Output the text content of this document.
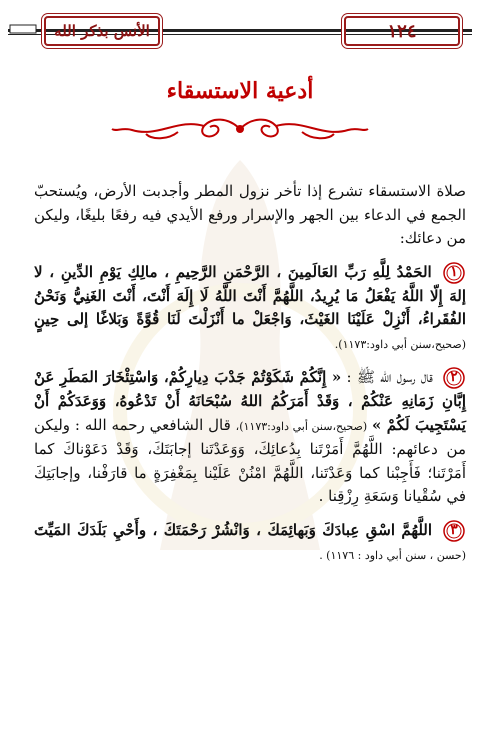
الأنس بذكر الله	١٢٤
أدعية الاستسقاء

صلاة الاستسقاء تشرع إذا تأخر نزول المطر وأجدبت الأرض، ويُستحبّ الجمع في الدعاء بين الجهر والإسرار ورفع الأيدي فيه رفعًا بليغًا، وليكن من دعائك:

١
الحَمْدُ لِلَّهِ رَبِّ العَالَمِينَ ، الرَّحْمَنِ الرَّحِيمِ ، مالِكِ يَوْمِ الدِّينِ ، لا إلهَ إِلّا اللَّهُ يَفْعَلُ مَا يُرِيدُ، اللَّهُمَّ أَنْتَ اللَّهُ لَا إِلَهَ أَنْتَ، أَنْتَ الغَنِيُّ وَنَحْنُ الفُقَراءُ، أَنْزِلْ عَلَيْنَا الغَيْثَ، وَاجْعَلْ ما أَنْزَلْتَ لَنَا قُوَّةً وَبَلاغًا إلى حِينٍ (صحيح،سنن أبي داود:١١٧٣).

٢
قال رسول الله ﷺ : « إِنَّكُمْ شَكَوْتُمْ جَدْبَ دِيارِكُمْ، وَاسْتِئْخَارَ المَطَرِ عَنْ إِبَّانِ زَمَانِهِ عَنْكُمْ ، وَقَدْ أَمَرَكُمُ اللهُ سُبْحَانَهُ أَنْ تَدْعُوهُ، وَوَعَدَكُمْ أَنْ يَسْتَجِيبَ لَكُمْ » (صحيح،سنن أبي داود:١١٧٣)، قال الشافعي رحمه الله : وليكن من دعائهم: اللَّهُمَّ أَمَرْتَنا بِدُعائِكَ، وَوَعَدْتَنا إجابَتَكَ، وَقَدْ دَعَوْناكَ كما أَمَرْتَنا؛ فَأَجِبْنا كما وَعَدْتَنا، اللَّهُمَّ امْنُنْ عَلَيْنا بِمَغْفِرَةٍ ما قارَفْنا، وإجابَتِكَ في سُقْيانا وَسَعَةِ رِزْقِنا .

٣
اللَّهُمَّ اسْقِ عِبادَكَ وَبَهائِمَكَ ، وَانْشُرْ رَحْمَتَكَ ، وأَحْيِ بَلَدَكَ المَيِّتَ (حسن ، سنن أبي داود : ١١٧٦) .
